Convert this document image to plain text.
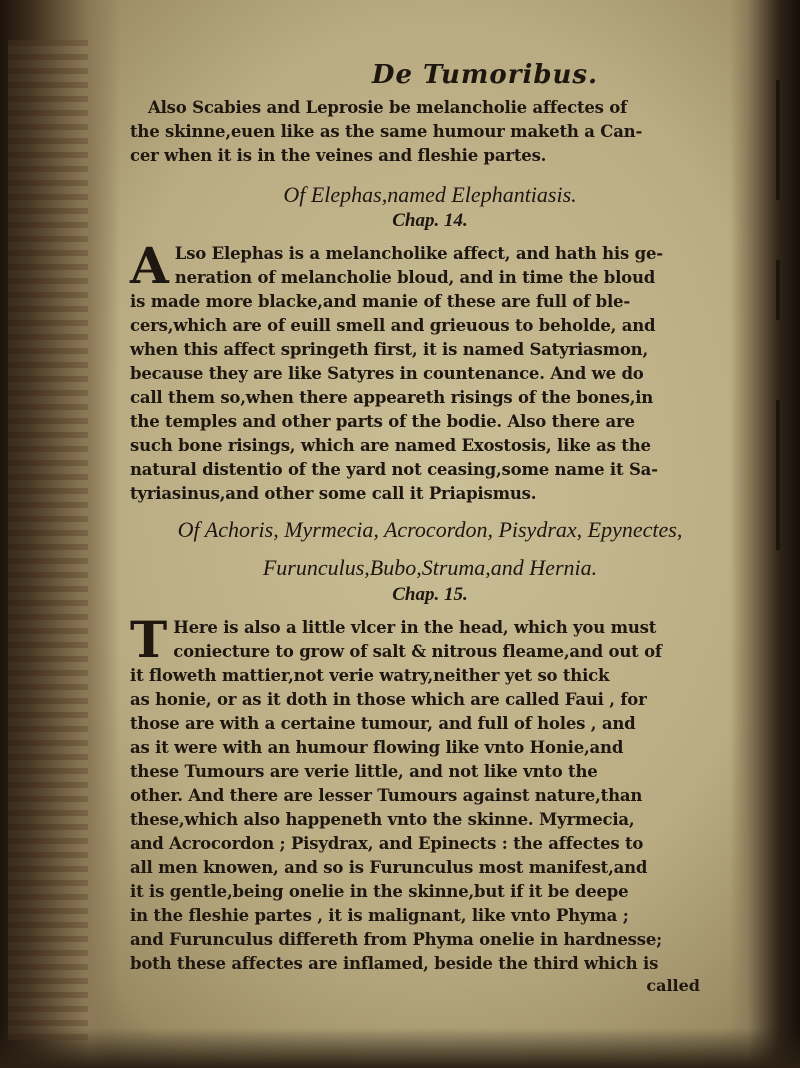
De Tumoribus.

Also Scabies and Leprosie be melancholie affectes of

the skinne,euen like as the same humour maketh a Can-

cer when it is in the veines and fleshie partes.

Of Elephas,named Elephantiasis.
Chap. 14.
A Lso Elephas is a melancholike affect, and hath his ge-

neration of melancholie bloud, and in time the bloud

is made more blacke,and manie of these are full of ble-

cers,which are of euill smell and grieuous to beholde, and

when this affect springeth first, it is named Satyriasmon,

because they are like Satyres in countenance. And we do

call them so,when there appeareth risings of the bones,in

the temples and other parts of the bodie. Also there are

such bone risings, which are named Exostosis, like as the

natural distentio of the yard not ceasing,some name it Sa-

tyriasinus,and other some call it Priapismus.

Of Achoris, Myrmecia, Acrocordon, Pisydrax, Epynectes,
Furunculus,Bubo,Struma,and Hernia.
Chap. 15.
T Here is also a little vlcer in the head, which you must

coniecture to grow of salt & nitrous fleame,and out of

it floweth mattier,not verie watry,neither yet so thick

as honie, or as it doth in those which are called Faui , for

those are with a certaine tumour, and full of holes , and

as it were with an humour flowing like vnto Honie,and

these Tumours are verie little, and not like vnto the

other. And there are lesser Tumours against nature,than

these,which also happeneth vnto the skinne. Myrmecia,

and Acrocordon ; Pisydrax, and Epinects : the affectes to

all men knowen, and so is Furunculus most manifest,and

it is gentle,being onelie in the skinne,but if it be deepe

in the fleshie partes , it is malignant, like vnto Phyma ;

and Furunculus differeth from Phyma onelie in hardnesse;

both these affectes are inflamed, beside the third which is

called
